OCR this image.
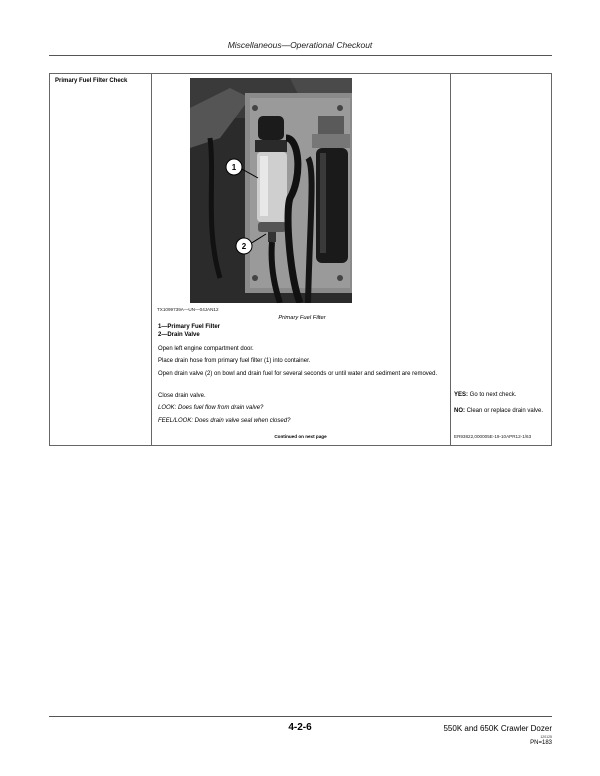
Miscellaneous—Operational Checkout
Primary Fuel Filter Check
1
2
TX1099739A—UN—04JAN12
Primary Fuel Filter
1—Primary Fuel Filter
2—Drain Valve
Open left engine compartment door.
Place drain hose from primary fuel filter (1) into container.
Open drain valve (2) on bowl and drain fuel for several seconds or until water and sediment are removed.
Close drain valve.
LOOK: Does fuel flow from drain valve?
FEEL/LOOK: Does drain valve seal when closed?
YES: Go to next check.
NO: Clean or replace drain valve.
Continued on next page	ER93822,000005E-19-10APR12-1/63
4-2-6	550K and 650K Crawler Dozer
120125
PN=183
